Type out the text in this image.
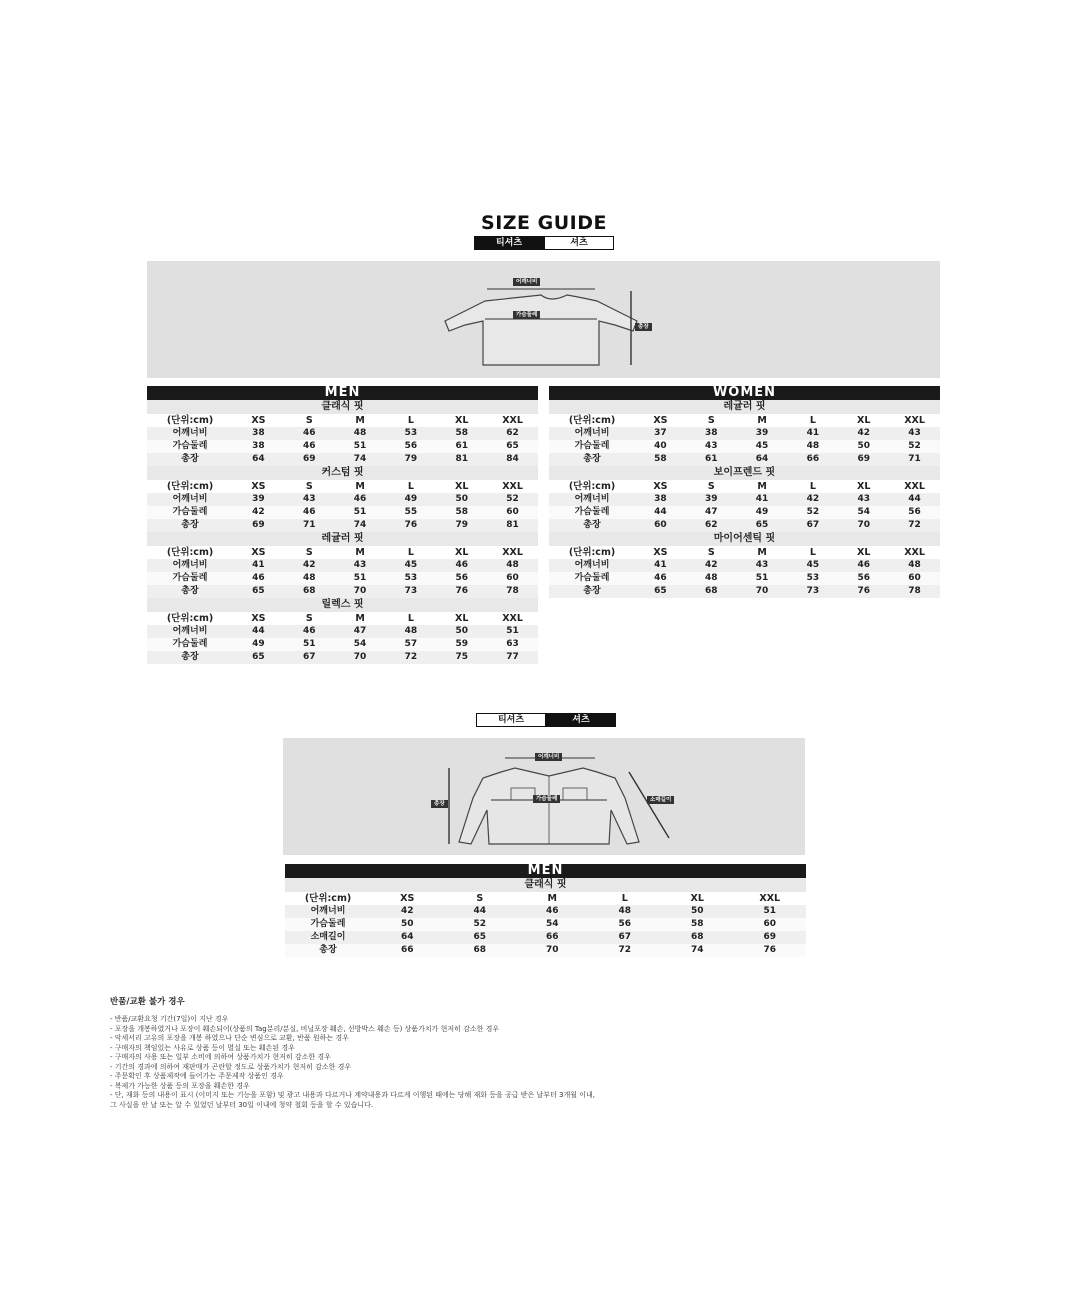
SIZE GUIDE
티셔츠	셔츠
어깨너비
가슴둘레
총장
MEN
클래식 핏
(단위:cm)	XS	S	M	L	XL	XXL
어깨너비	38	46	48	53	58	62
가슴둘레	38	46	51	56	61	65
총장	64	69	74	79	81	84
커스텀 핏
(단위:cm)	XS	S	M	L	XL	XXL
어깨너비	39	43	46	49	50	52
가슴둘레	42	46	51	55	58	60
총장	69	71	74	76	79	81
레귤러 핏
(단위:cm)	XS	S	M	L	XL	XXL
어깨너비	41	42	43	45	46	48
가슴둘레	46	48	51	53	56	60
총장	65	68	70	73	76	78
릴렉스 핏
(단위:cm)	XS	S	M	L	XL	XXL
어깨너비	44	46	47	48	50	51
가슴둘레	49	51	54	57	59	63
총장	65	67	70	72	75	77
WOMEN
레귤러 핏
(단위:cm)	XS	S	M	L	XL	XXL
어깨너비	37	38	39	41	42	43
가슴둘레	40	43	45	48	50	52
총장	58	61	64	66	69	71
보이프렌드 핏
(단위:cm)	XS	S	M	L	XL	XXL
어깨너비	38	39	41	42	43	44
가슴둘레	44	47	49	52	54	56
총장	60	62	65	67	70	72
마이어센틱 핏
(단위:cm)	XS	S	M	L	XL	XXL
어깨너비	41	42	43	45	46	48
가슴둘레	46	48	51	53	56	60
총장	65	68	70	73	76	78
티셔츠	셔츠
어깨너비
가슴둘레
총장
소매길이
MEN
클래식 핏
(단위:cm)	XS	S	M	L	XL	XXL
어깨너비	42	44	46	48	50	51
가슴둘레	50	52	54	56	58	60
소매길이	64	65	66	67	68	69
총장	66	68	70	72	74	76
반품/교환 불가 경우
- 반품/교환요청 기간(7일)이 지난 경우
- 포장을 개봉하였거나 포장이 훼손되어(상품의 Tag분리/분실, 비닐포장 훼손, 선방박스 훼손 등) 상품가치가 현저히 감소한 경우
- 악세서리 고유의 포장을 개봉 하였으나 단순 변심으로 교환, 반품 원하는 경우
- 구매자의 책임있는 사유로 상품 등이 멸실 또는 훼손된 경우
- 구매자의 사용 또는 일부 소비에 의하여 상품가치가 현저히 감소한 경우
- 기간의 경과에 의하여 재판매가 곤란할 정도로 상품가치가 현저히 감소한 경우
- 주문확인 후 상품제작에 들어가는 주문제작 상품인 경우
- 복제가 가능한 상품 등의 포장을 훼손한 경우
- 단, 재화 등의 내용이 표시 (이미지 또는 기능을 포함) 및 광고 내용과 다르거나 계약내용과 다르게 이행된 때에는 당해 재화 등을 공급 받은 날부터 3개월 이내,
그 사실을 안 날 또는 알 수 있었던 날부터 30일 이내에 청약 철회 등을 할 수 있습니다.
